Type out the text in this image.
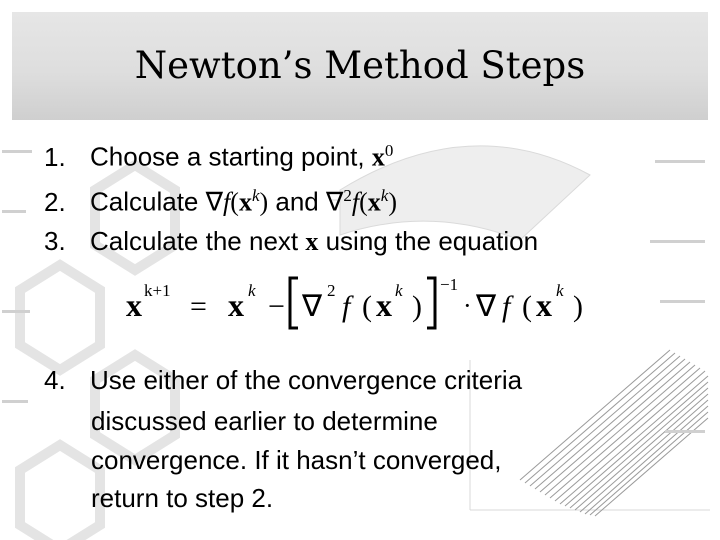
Newton’s Method Steps
1. Choose a starting point, $x^0$
2. Calculate $\nabla f(x^k)$ and $\nabla^2f(x^k)$
3. Calculate the next x using the equation
x k+1 = x k − ∇ 2 f ( x k )
−1
· ∇ f ( x k )
4. Use either of the convergence criteria
discussed earlier to determine
convergence. If it hasn’t converged,
return to step 2.
